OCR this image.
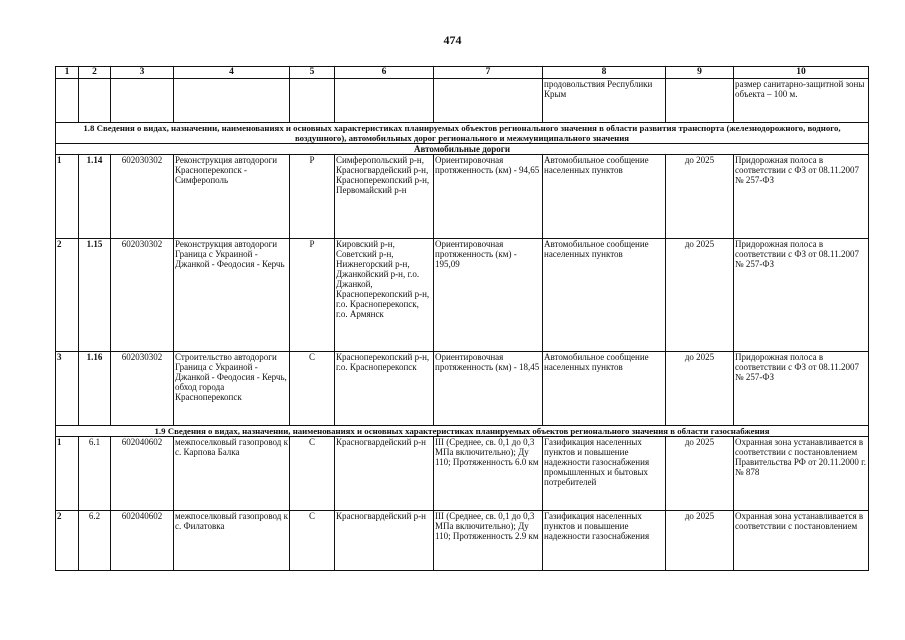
474
1	2	3	4	5	6	7	8	9	10
							продовольствия Республики Крым		размер санитарно-защитной зоны объекта – 100 м.
1.8 Сведения о видах, назначении, наименованиях и основных характеристиках планируемых объектов регионального значения в области развития транспорта (железнодорожного, водного, воздушного), автомобильных дорог регионального и межмуниципального значения									
Автомобильные дороги									
1	1.14	602030302	Реконструкция автодороги Красноперекопск - Симферополь	Р	Симферопольский р-н, Красногвардейский р-н, Красноперекопский р-н, Первомайский р-н	Ориентировочная протяженность (км) - 94,65	Автомобильное сообщение населенных пунктов	до 2025	Придорожная полоса в соответствии с ФЗ от 08.11.2007 № 257-ФЗ
2	1.15	602030302	Реконструкция автодороги Граница с Украиной - Джанкой - Феодосия - Керчь	Р	Кировский р-н, Советский р-н, Нижнегорский р-н, Джанкойский р-н, г.о. Джанкой, Красноперекопский р-н, г.о. Красноперекопск, г.о. Армянск	Ориентировочная протяженность (км) - 195,09	Автомобильное сообщение населенных пунктов	до 2025	Придорожная полоса в соответствии с ФЗ от 08.11.2007 № 257-ФЗ
3	1.16	602030302	Строительство автодороги Граница с Украиной - Джанкой - Феодосия - Керчь, обход города Красноперекопск	С	Красноперекопский р-н, г.о. Красноперекопск	Ориентировочная протяженность (км) - 18,45	Автомобильное сообщение населенных пунктов	до 2025	Придорожная полоса в соответствии с ФЗ от 08.11.2007 № 257-ФЗ
1.9 Сведения о видах, назначении, наименованиях и основных характеристиках планируемых объектов регионального значения в области газоснабжения									
1	6.1	602040602	межпоселковый газопровод к с. Карпова Балка	С	Красногвардейский р-н	III (Среднее, св. 0,1 до 0,3 МПа включительно); Ду 110; Протяженность 6.0 км	Газификация населенных пунктов и повышение надежности газоснабжения промышленных и бытовых потребителей	до 2025	Охранная зона устанавливается в соответствии с постановлением Правительства РФ от 20.11.2000 г. № 878
2	6.2	602040602	межпоселковый газопровод к с. Филатовка	С	Красногвардейский р-н	III (Среднее, св. 0,1 до 0,3 МПа включительно); Ду 110; Протяженность 2.9 км	Газификация населенных пунктов и повышение надежности газоснабжения	до 2025	Охранная зона устанавливается в соответствии с постановлением
